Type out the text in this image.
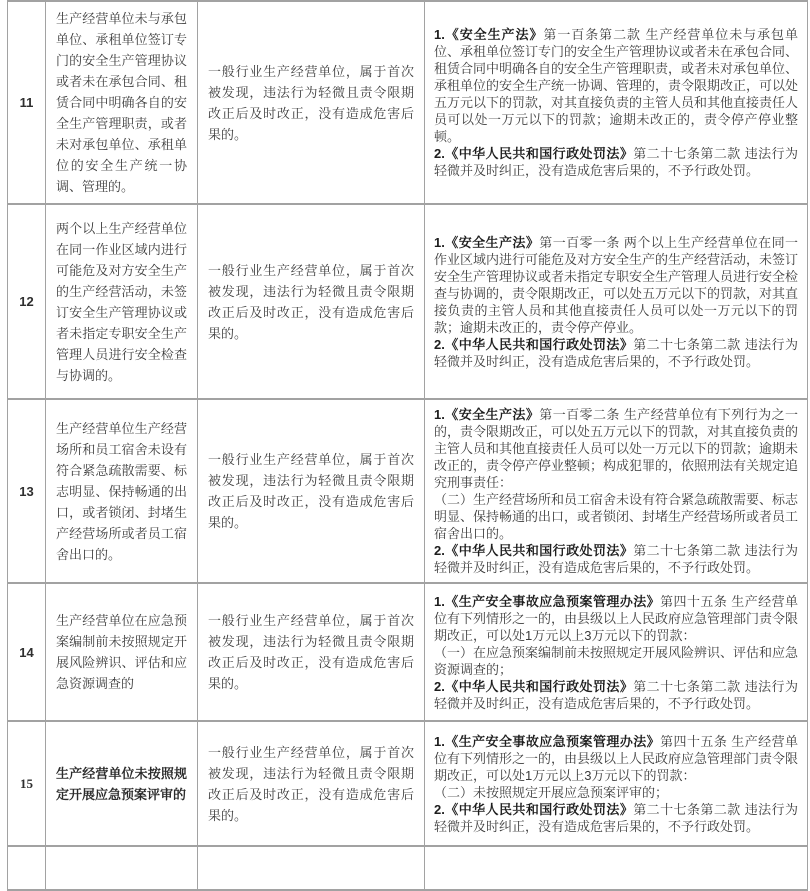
11	生产经营单位未与承包单位、承租单位签订专门的安全生产管理协议或者未在承包合同、租赁合同中明确各自的安全生产管理职责，或者未对承包单位、承租单位的安全生产统一协调、管理的。	一般行业生产经营单位，属于首次被发现，违法行为轻微且责令限期改正后及时改正，没有造成危害后果的。	1.《安全生产法》第一百条第二款 生产经营单位未与承包单位、承租单位签订专门的安全生产管理协议或者未在承包合同、租赁合同中明确各自的安全生产管理职责，或者未对承包单位、承租单位的安全生产统一协调、管理的，责令限期改正，可以处五万元以下的罚款，对其直接负责的主管人员和其他直接责任人员可以处一万元以下的罚款；逾期未改正的，责令停产停业整顿。
2.《中华人民共和国行政处罚法》第二十七条第二款 违法行为轻微并及时纠正，没有造成危害后果的，不予行政处罚。

12	两个以上生产经营单位在同一作业区域内进行可能危及对方安全生产的生产经营活动，未签订安全生产管理协议或者未指定专职安全生产管理人员进行安全检查与协调的。	一般行业生产经营单位，属于首次被发现，违法行为轻微且责令限期改正后及时改正，没有造成危害后果的。	1.《安全生产法》第一百零一条 两个以上生产经营单位在同一作业区域内进行可能危及对方安全生产的生产经营活动，未签订安全生产管理协议或者未指定专职安全生产管理人员进行安全检查与协调的，责令限期改正，可以处五万元以下的罚款，对其直接负责的主管人员和其他直接责任人员可以处一万元以下的罚款；逾期未改正的，责令停产停业。
2.《中华人民共和国行政处罚法》第二十七条第二款 违法行为轻微并及时纠正，没有造成危害后果的，不予行政处罚。

13	生产经营单位生产经营场所和员工宿舍未设有符合紧急疏散需要、标志明显、保持畅通的出口，或者锁闭、封堵生产经营场所或者员工宿舍出口的。	一般行业生产经营单位，属于首次被发现，违法行为轻微且责令限期改正后及时改正，没有造成危害后果的。	1.《安全生产法》第一百零二条 生产经营单位有下列行为之一的，责令限期改正，可以处五万元以下的罚款，对其直接负责的主管人员和其他直接责任人员可以处一万元以下的罚款；逾期未改正的，责令停产停业整顿；构成犯罪的，依照刑法有关规定追究刑事责任：
（二）生产经营场所和员工宿舍未设有符合紧急疏散需要、标志明显、保持畅通的出口，或者锁闭、封堵生产经营场所或者员工宿舍出口的。
2.《中华人民共和国行政处罚法》第二十七条第二款 违法行为轻微并及时纠正，没有造成危害后果的，不予行政处罚。

14	生产经营单位在应急预案编制前未按照规定开展风险辨识、评估和应急资源调查的	一般行业生产经营单位，属于首次被发现，违法行为轻微且责令限期改正后及时改正，没有造成危害后果的。	1.《生产安全事故应急预案管理办法》第四十五条 生产经营单位有下列情形之一的，由县级以上人民政府应急管理部门责令限期改正，可以处1万元以上3万元以下的罚款：
（一）在应急预案编制前未按照规定开展风险辨识、评估和应急资源调查的；
2.《中华人民共和国行政处罚法》第二十七条第二款 违法行为轻微并及时纠正，没有造成危害后果的，不予行政处罚。

15	生产经营单位未按照规定开展应急预案评审的	一般行业生产经营单位，属于首次被发现，违法行为轻微且责令限期改正后及时改正，没有造成危害后果的。	1.《生产安全事故应急预案管理办法》第四十五条 生产经营单位有下列情形之一的，由县级以上人民政府应急管理部门责令限期改正，可以处1万元以上3万元以下的罚款：
（二）未按照规定开展应急预案评审的；
2.《中华人民共和国行政处罚法》第二十七条第二款 违法行为轻微并及时纠正，没有造成危害后果的，不予行政处罚。
